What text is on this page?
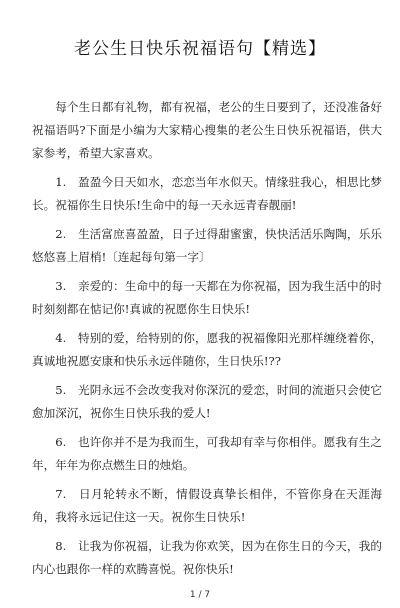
老公生日快乐祝福语句【精选】

每个生日都有礼物，都有祝福，老公的生日要到了，还没准备好祝福语吗?下面是小编为大家精心搜集的老公生日快乐祝福语，供大家参考，希望大家喜欢。

1.　盈盈今日天如水，恋恋当年水似天。情缘驻我心，相思比梦长。祝福你生日快乐!生命中的每一天永远青春靓丽!

2.　生活富庶喜盈盈，日子过得甜蜜蜜，快快活活乐陶陶，乐乐悠悠喜上眉梢!〔连起每句第一字〕

3.　亲爱的：生命中的每一天都在为你祝福，因为我生活中的时时刻刻都在惦记你!真诚的祝愿你生日快乐!

4.　特别的爱，给特别的你，愿我的祝福像阳光那样缠绕着你，真诚地祝愿安康和快乐永远伴随你，生日快乐!??

5.　光阴永远不会改变我对你深沉的爱恋，时间的流逝只会使它愈加深沉，祝你生日快乐我的爱人!

6.　也许你并不是为我而生，可我却有幸与你相伴。愿我有生之年，年年为你点燃生日的烛焰。

7.　日月轮转永不断，情假设真挚长相伴，不管你身在天涯海角，我将永远记住这一天。祝你生日快乐!

8.　让我为你祝福，让我为你欢笑，因为在你生日的今天，我的内心也跟你一样的欢腾喜悦。祝你快乐!

1 / 7
